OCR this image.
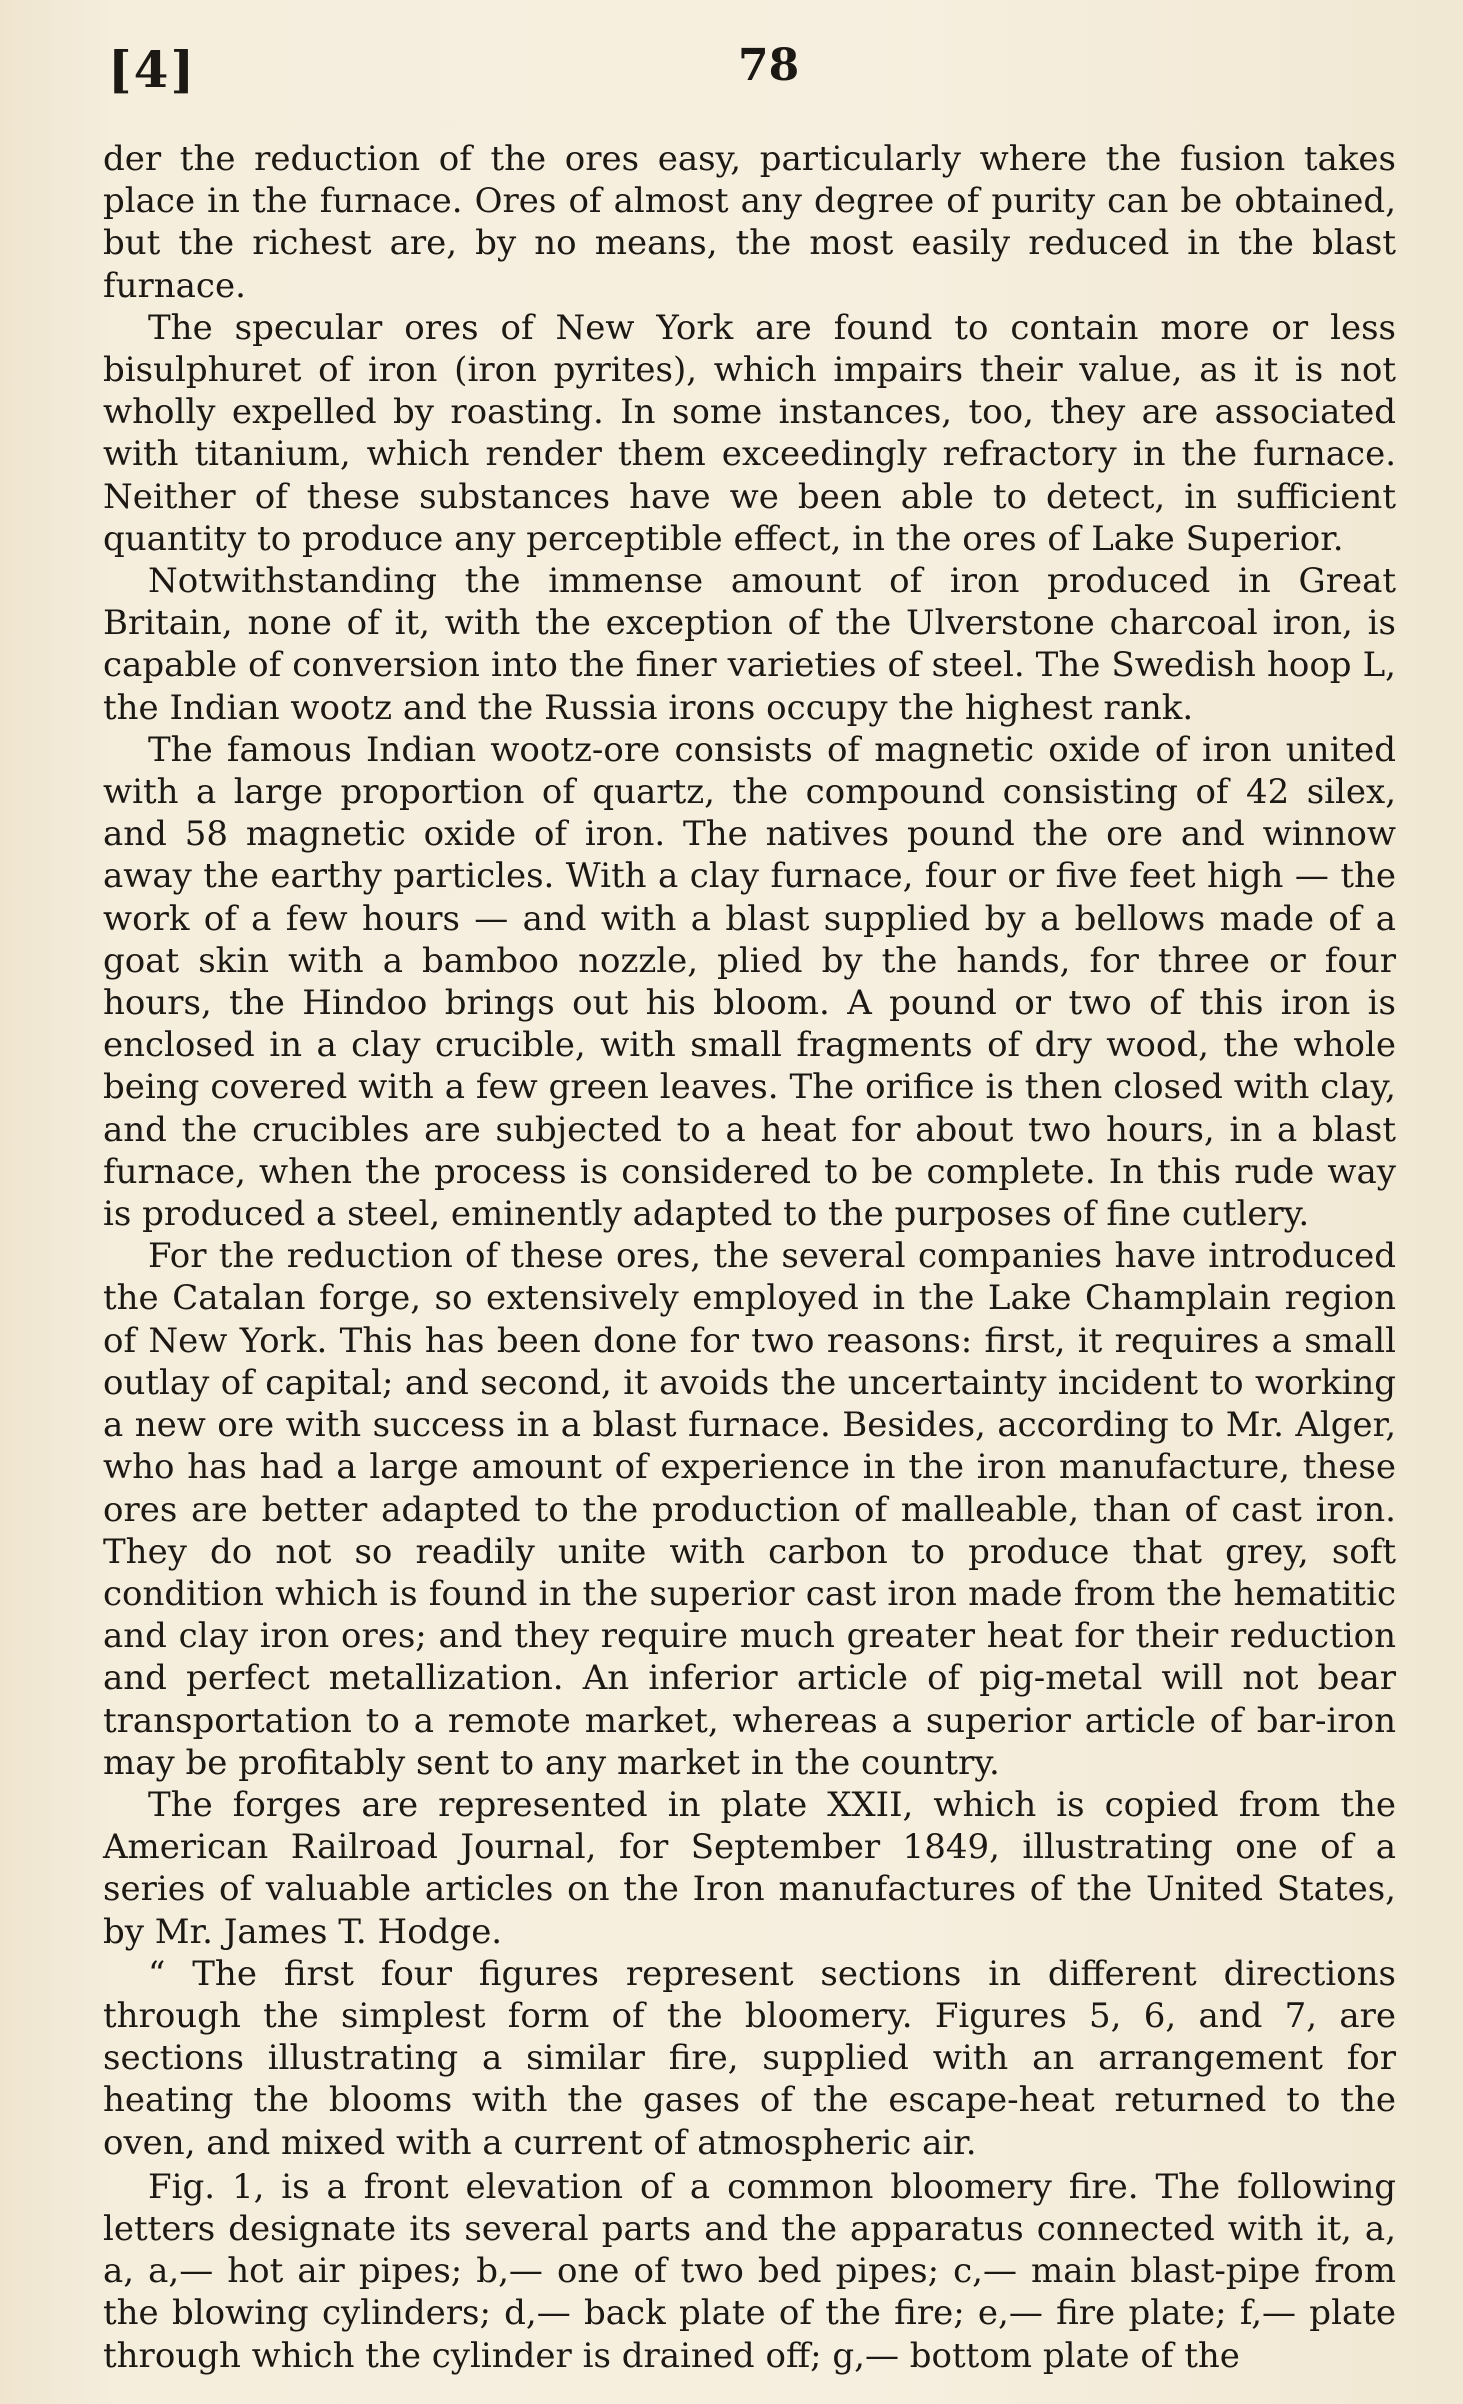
[4]	78

der the reduction of the ores easy, particularly where the fusion takes place in the furnace. Ores of almost any degree of purity can be obtained, but the richest are, by no means, the most easily reduced in the blast furnace.

The specular ores of New York are found to contain more or less bisulphuret of iron (iron pyrites), which impairs their value, as it is not wholly expelled by roasting. In some instances, too, they are associated with titanium, which render them exceedingly refractory in the furnace. Neither of these substances have we been able to detect, in sufficient quantity to produce any perceptible effect, in the ores of Lake Superior.

Notwithstanding the immense amount of iron produced in Great Britain, none of it, with the exception of the Ulverstone charcoal iron, is capable of conversion into the finer varieties of steel. The Swedish hoop L, the Indian wootz and the Russia irons occupy the highest rank.

The famous Indian wootz-ore consists of magnetic oxide of iron united with a large proportion of quartz, the compound consisting of 42 silex, and 58 magnetic oxide of iron. The natives pound the ore and winnow away the earthy particles. With a clay furnace, four or five feet high — the work of a few hours — and with a blast supplied by a bellows made of a goat skin with a bamboo nozzle, plied by the hands, for three or four hours, the Hindoo brings out his bloom. A pound or two of this iron is enclosed in a clay crucible, with small fragments of dry wood, the whole being covered with a few green leaves. The orifice is then closed with clay, and the crucibles are subjected to a heat for about two hours, in a blast furnace, when the process is considered to be complete. In this rude way is produced a steel, eminently adapted to the purposes of fine cutlery.

For the reduction of these ores, the several companies have introduced the Catalan forge, so extensively employed in the Lake Champlain region of New York. This has been done for two reasons: first, it requires a small outlay of capital; and second, it avoids the uncertainty incident to working a new ore with success in a blast furnace. Besides, according to Mr. Alger, who has had a large amount of experience in the iron manufacture, these ores are better adapted to the production of malleable, than of cast iron. They do not so readily unite with carbon to produce that grey, soft condition which is found in the superior cast iron made from the hematitic and clay iron ores; and they require much greater heat for their reduction and perfect metallization. An inferior article of pig-metal will not bear transportation to a remote market, whereas a superior article of bar-iron may be profitably sent to any market in the country.

The forges are represented in plate XXII, which is copied from the American Railroad Journal, for September 1849, illustrating one of a series of valuable articles on the Iron manufactures of the United States, by Mr. James T. Hodge.

“ The first four figures represent sections in different directions through the simplest form of the bloomery. Figures 5, 6, and 7, are sections illustrating a similar fire, supplied with an arrangement for heating the blooms with the gases of the escape-heat returned to the oven, and mixed with a current of atmospheric air.

Fig. 1, is a front elevation of a common bloomery fire. The following letters designate its several parts and the apparatus connected with it, a, a, a,— hot air pipes; b,— one of two bed pipes; c,— main blast-pipe from the blowing cylinders; d,— back plate of the fire; e,— fire plate; f,— plate through which the cylinder is drained off; g,— bottom plate of the
